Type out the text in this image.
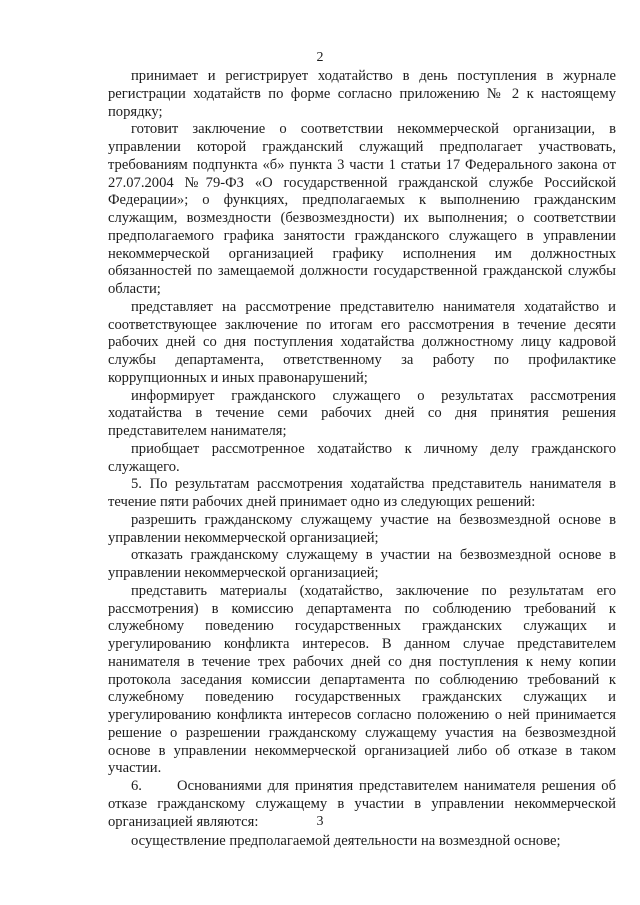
2

принимает и регистрирует ходатайство в день поступления в журнале регистрации ходатайств по форме согласно приложению № 2 к настоящему порядку;

готовит заключение о соответствии некоммерческой организации, в управлении которой гражданский служащий предполагает участвовать, требованиям подпункта «б» пункта 3 части 1 статьи 17 Федерального закона от 27.07.2004 №79-ФЗ «О государственной гражданской службе Российской Федерации»; о функциях, предполагаемых к выполнению гражданским служащим, возмездности (безвозмездности) их выполнения; о соответствии предполагаемого графика занятости гражданского служащего в управлении некоммерческой организацией графику исполнения им должностных обязанностей по замещаемой должности государственной гражданской службы области;

представляет на рассмотрение представителю нанимателя ходатайство и соответствующее заключение по итогам его рассмотрения в течение десяти рабочих дней со дня поступления ходатайства должностному лицу кадровой службы департамента, ответственному за работу по профилактике коррупционных и иных правонарушений;

информирует гражданского служащего о результатах рассмотрения ходатайства в течение семи рабочих дней со дня принятия решения представителем нанимателя;

приобщает рассмотренное ходатайство к личному делу гражданского служащего.

5. По результатам рассмотрения ходатайства представитель нанимателя в течение пяти рабочих дней принимает одно из следующих решений:

разрешить гражданскому служащему участие на безвозмездной основе в управлении некоммерческой организацией;

отказать гражданскому служащему в участии на безвозмездной основе в управлении некоммерческой организацией;

представить материалы (ходатайство, заключение по результатам его рассмотрения) в комиссию департамента по соблюдению требований к служебному поведению государственных гражданских служащих и урегулированию конфликта интересов. В данном случае представителем нанимателя в течение трех рабочих дней со дня поступления к нему копии протокола заседания комиссии департамента по соблюдению требований к служебному поведению государственных гражданских служащих и урегулированию конфликта интересов согласно положению о ней принимается решение о разрешении гражданскому служащему участия на безвозмездной основе в управлении некоммерческой организацией либо об отказе в таком участии.

6.      Основаниями для принятия представителем нанимателя решения об отказе гражданскому служащему в участии в управлении некоммерческой организацией являются:	3

осуществление предполагаемой деятельности на возмездной основе;
